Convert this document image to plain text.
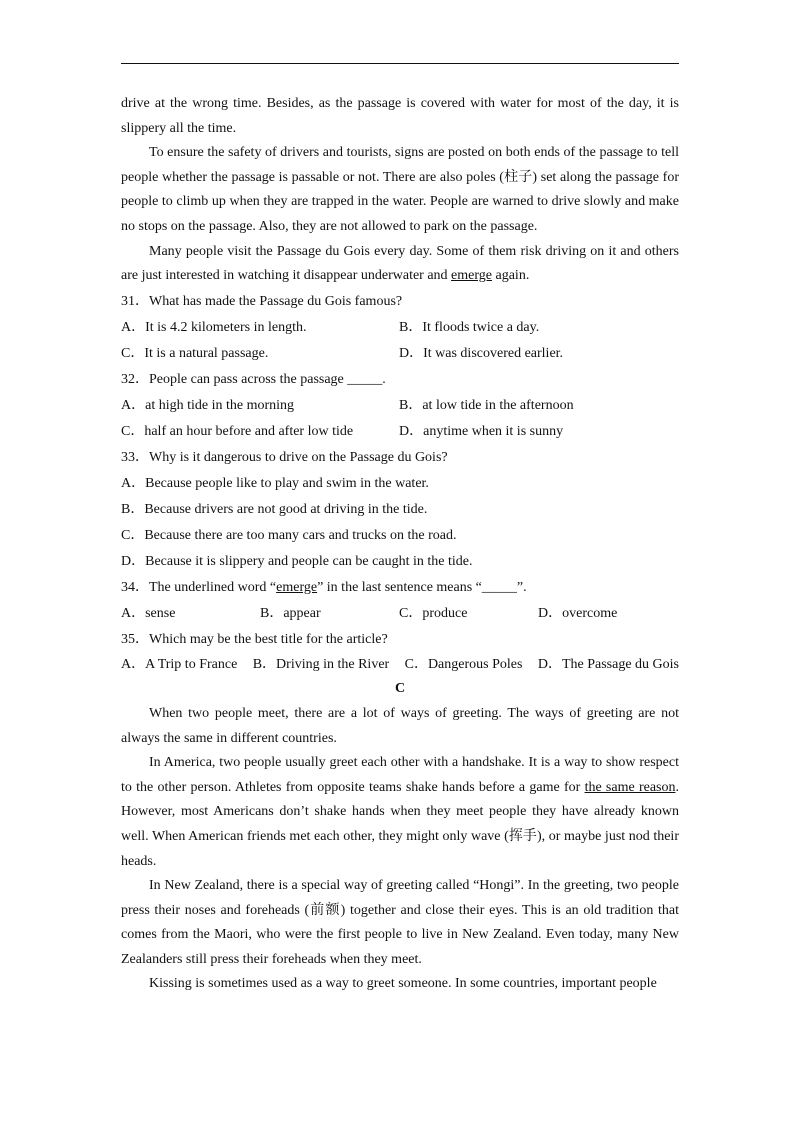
drive at the wrong time. Besides, as the passage is covered with water for most of the day, it is slippery all the time.

To ensure the safety of drivers and tourists, signs are posted on both ends of the passage to tell people whether the passage is passable or not. There are also poles (柱子) set along the passage for people to climb up when they are trapped in the water. People are warned to drive slowly and make no stops on the passage. Also, they are not allowed to park on the passage.

Many people visit the Passage du Gois every day. Some of them risk driving on it and others are just interested in watching it disappear underwater and emerge again.

31．What has made the Passage du Gois famous?

A．It is 4.2 kilometers in length.	B．It floods twice a day.
C．It is a natural passage.	D．It was discovered earlier.

32．People can pass across the passage _____.

A．at high tide in the morning	B．at low tide in the afternoon
C．half an hour before and after low tide	D．anytime when it is sunny

33．Why is it dangerous to drive on the Passage du Gois?

A．Because people like to play and swim in the water.

B．Because drivers are not good at driving in the tide.

C．Because there are too many cars and trucks on the road.

D．Because it is slippery and people can be caught in the tide.

34．The underlined word “emerge” in the last sentence means “_____”.

A．sense	B．appear	C．produce	D．overcome

35．Which may be the best title for the article?

A．A Trip to France B．Driving in the River C．Dangerous Poles D．The Passage du Gois

C

When two people meet, there are a lot of ways of greeting. The ways of greeting are not always the same in different countries.

In America, two people usually greet each other with a handshake. It is a way to show respect to the other person. Athletes from opposite teams shake hands before a game for the same reason. However, most Americans don’t shake hands when they meet people they have already known well. When American friends met each other, they might only wave (挥手), or maybe just nod their heads.

In New Zealand, there is a special way of greeting called “Hongi”. In the greeting, two people press their noses and foreheads (前额) together and close their eyes. This is an old tradition that comes from the Maori, who were the first people to live in New Zealand. Even today, many New Zealanders still press their foreheads when they meet.

Kissing is sometimes used as a way to greet someone. In some countries, important people
